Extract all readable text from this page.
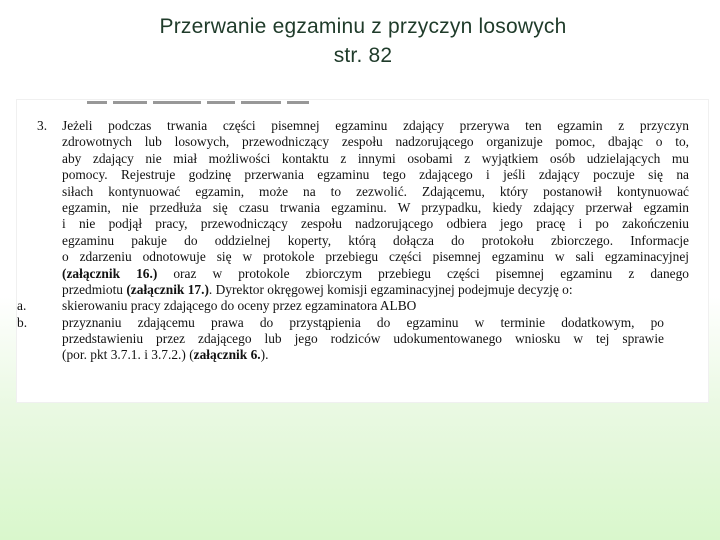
Przerwanie egzaminu z przyczyn losowych
str. 82
3. Jeżeli podczas trwania części pisemnej egzaminu zdający przerywa ten egzamin z przyczyn
zdrowotnych lub losowych, przewodniczący zespołu nadzorującego organizuje pomoc, dbając o to,
aby zdający nie miał możliwości kontaktu z innymi osobami z wyjątkiem osób udzielających mu
pomocy. Rejestruje godzinę przerwania egzaminu tego zdającego i jeśli zdający poczuje się na
siłach kontynuować egzamin, może na to zezwolić. Zdającemu, który postanowił kontynuować
egzamin, nie przedłuża się czasu trwania egzaminu. W przypadku, kiedy zdający przerwał egzamin
i nie podjął pracy, przewodniczący zespołu nadzorującego odbiera jego pracę i po zakończeniu
egzaminu pakuje do oddzielnej koperty, którą dołącza do protokołu zbiorczego. Informacje
o zdarzeniu odnotowuje się w protokole przebiegu części pisemnej egzaminu w sali egzaminacyjnej
(załącznik 16.) oraz w protokole zbiorczym przebiegu części pisemnej egzaminu z danego
przedmiotu (załącznik 17.). Dyrektor okręgowej komisji egzaminacyjnej podejmuje decyzję o:
a.	skierowaniu pracy zdającego do oceny przez egzaminatora ALBO
b.	przyznaniu zdającemu prawa do przystąpienia do egzaminu w terminie dodatkowym, po
przedstawieniu przez zdającego lub jego rodziców udokumentowanego wniosku w tej sprawie
(por. pkt 3.7.1. i 3.7.2.) (załącznik 6.).
